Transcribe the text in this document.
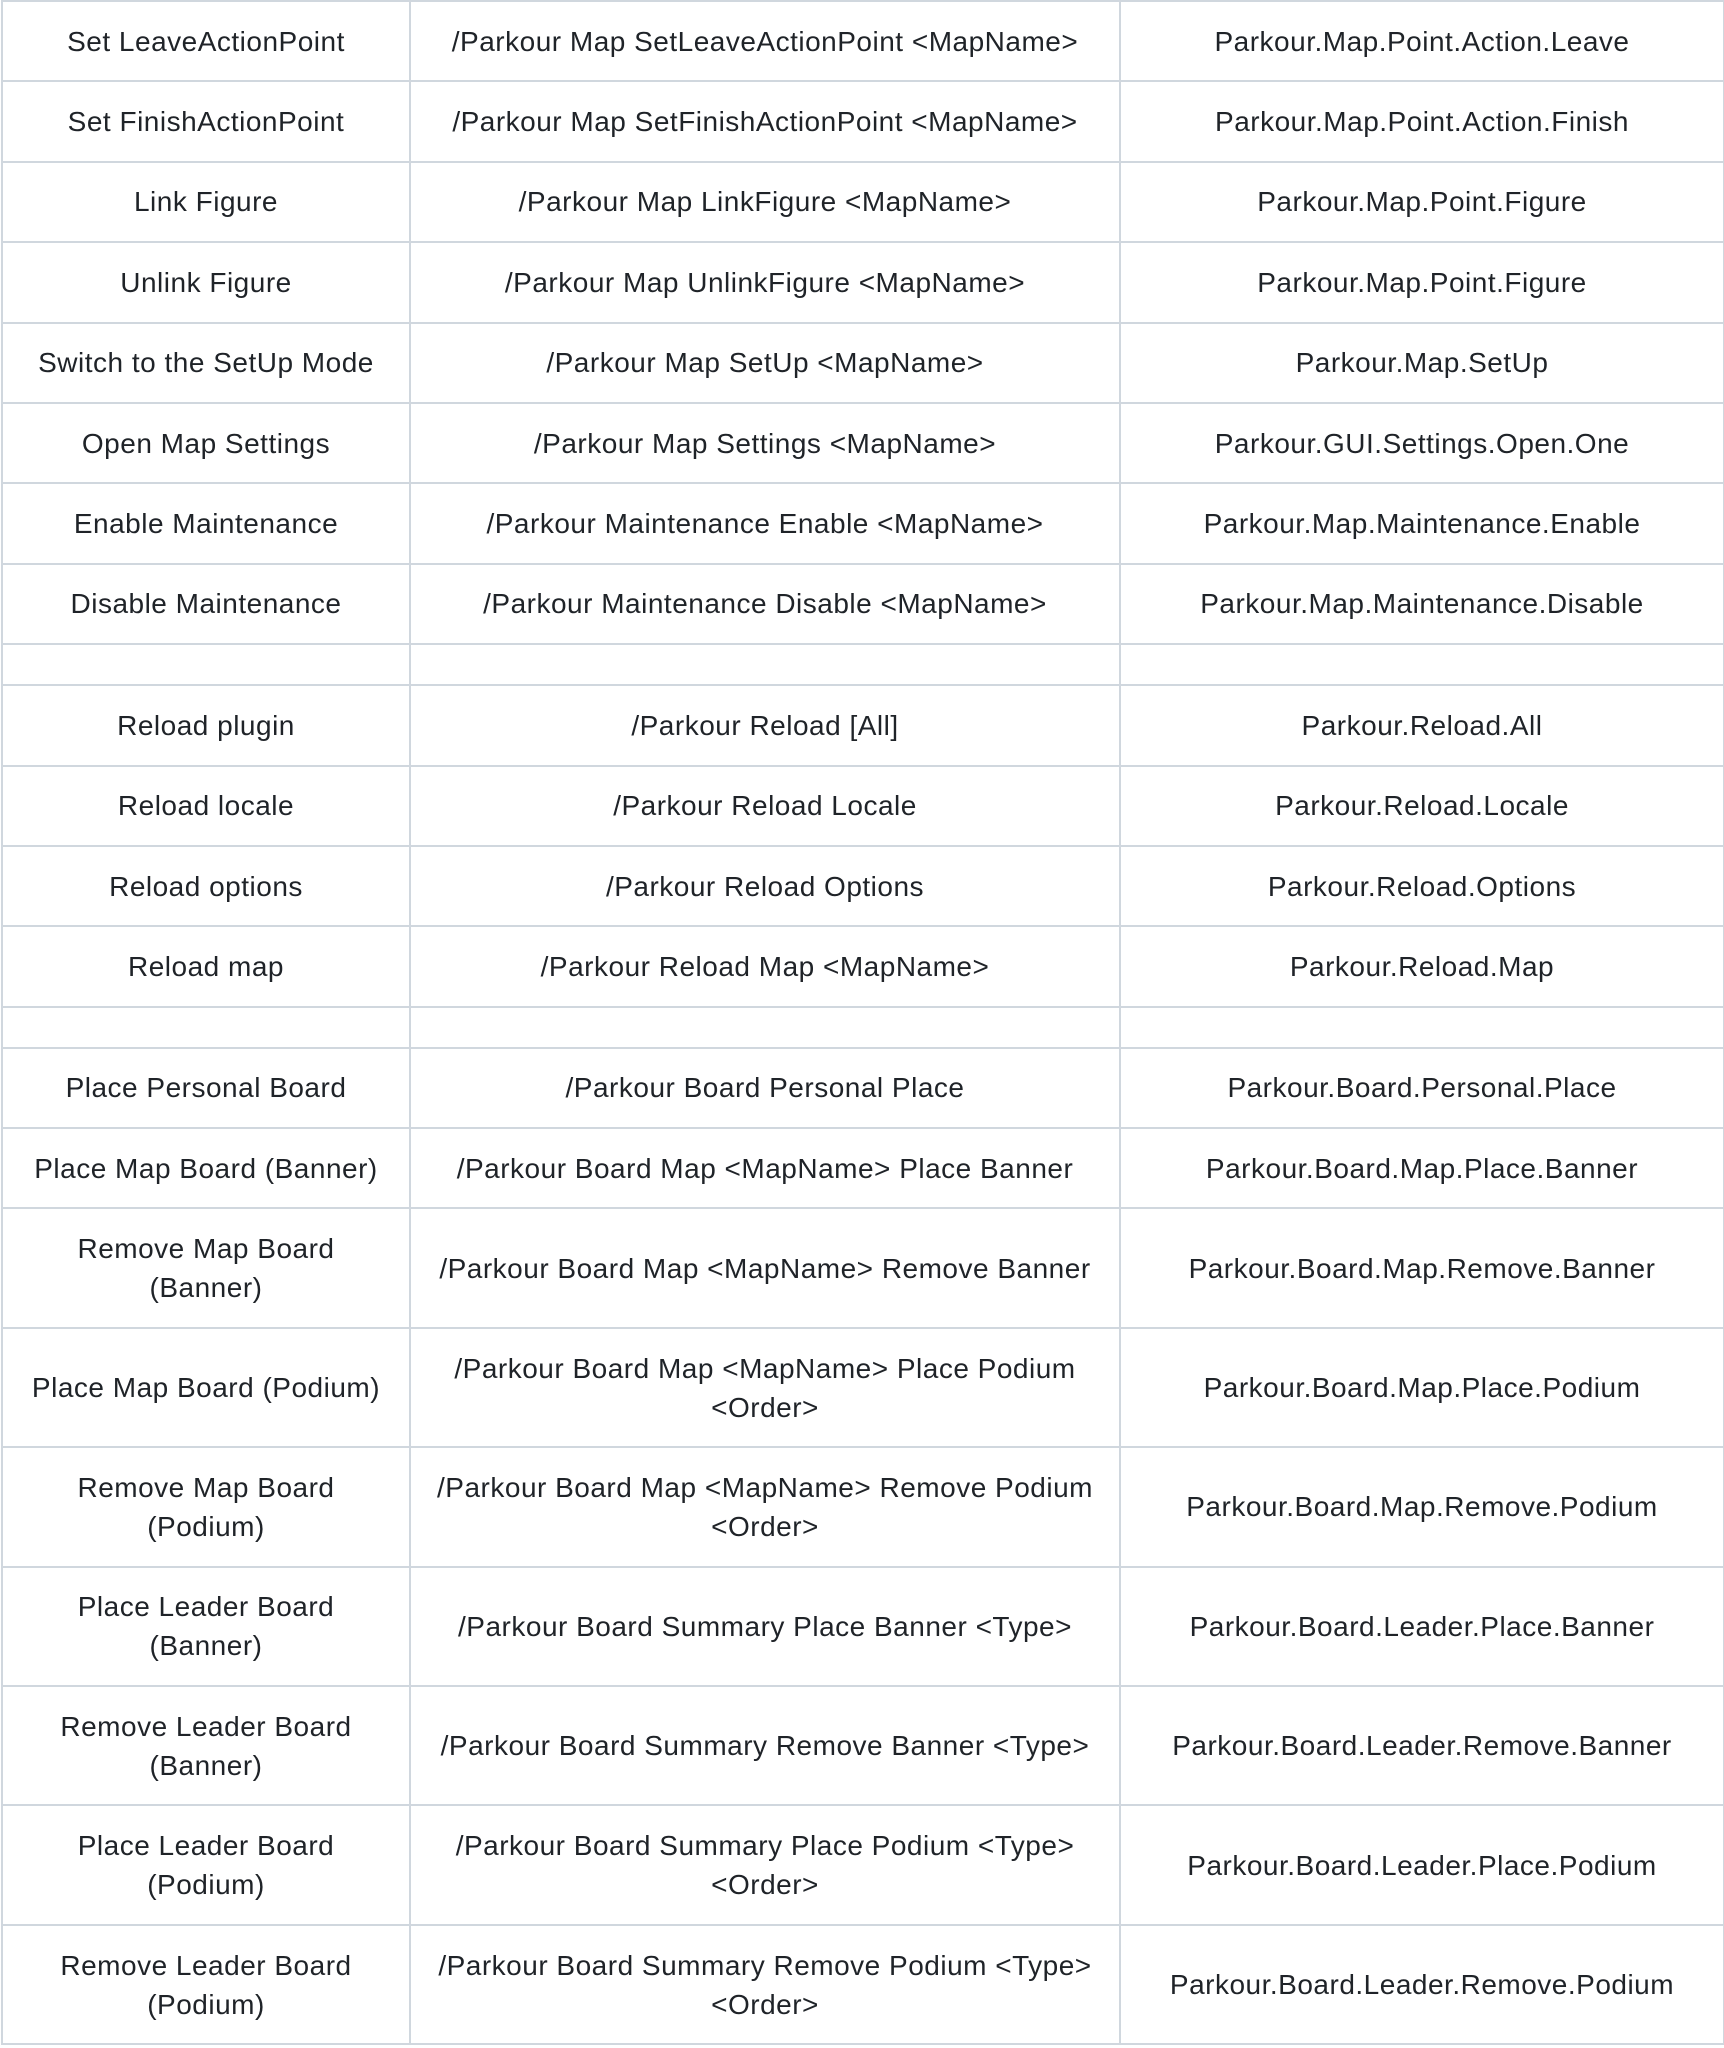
Set LeaveActionPoint	/Parkour Map SetLeaveActionPoint <MapName>	Parkour.Map.Point.Action.Leave
Set FinishActionPoint	/Parkour Map SetFinishActionPoint <MapName>	Parkour.Map.Point.Action.Finish
Link Figure	/Parkour Map LinkFigure <MapName>	Parkour.Map.Point.Figure
Unlink Figure	/Parkour Map UnlinkFigure <MapName>	Parkour.Map.Point.Figure
Switch to the SetUp Mode	/Parkour Map SetUp <MapName>	Parkour.Map.SetUp
Open Map Settings	/Parkour Map Settings <MapName>	Parkour.GUI.Settings.Open.One
Enable Maintenance	/Parkour Maintenance Enable <MapName>	Parkour.Map.Maintenance.Enable
Disable Maintenance	/Parkour Maintenance Disable <MapName>	Parkour.Map.Maintenance.Disable

Reload plugin	/Parkour Reload [All]	Parkour.Reload.All
Reload locale	/Parkour Reload Locale	Parkour.Reload.Locale
Reload options	/Parkour Reload Options	Parkour.Reload.Options
Reload map	/Parkour Reload Map <MapName>	Parkour.Reload.Map

Place Personal Board	/Parkour Board Personal Place	Parkour.Board.Personal.Place
Place Map Board (Banner)	/Parkour Board Map <MapName> Place Banner	Parkour.Board.Map.Place.Banner
Remove Map Board (Banner)	/Parkour Board Map <MapName> Remove Banner	Parkour.Board.Map.Remove.Banner
Place Map Board (Podium)	/Parkour Board Map <MapName> Place Podium <Order>	Parkour.Board.Map.Place.Podium
Remove Map Board (Podium)	/Parkour Board Map <MapName> Remove Podium <Order>	Parkour.Board.Map.Remove.Podium
Place Leader Board (Banner)	/Parkour Board Summary Place Banner <Type>	Parkour.Board.Leader.Place.Banner
Remove Leader Board (Banner)	/Parkour Board Summary Remove Banner <Type>	Parkour.Board.Leader.Remove.Banner
Place Leader Board (Podium)	/Parkour Board Summary Place Podium <Type> <Order>	Parkour.Board.Leader.Place.Podium
Remove Leader Board (Podium)	/Parkour Board Summary Remove Podium <Type> <Order>	Parkour.Board.Leader.Remove.Podium
